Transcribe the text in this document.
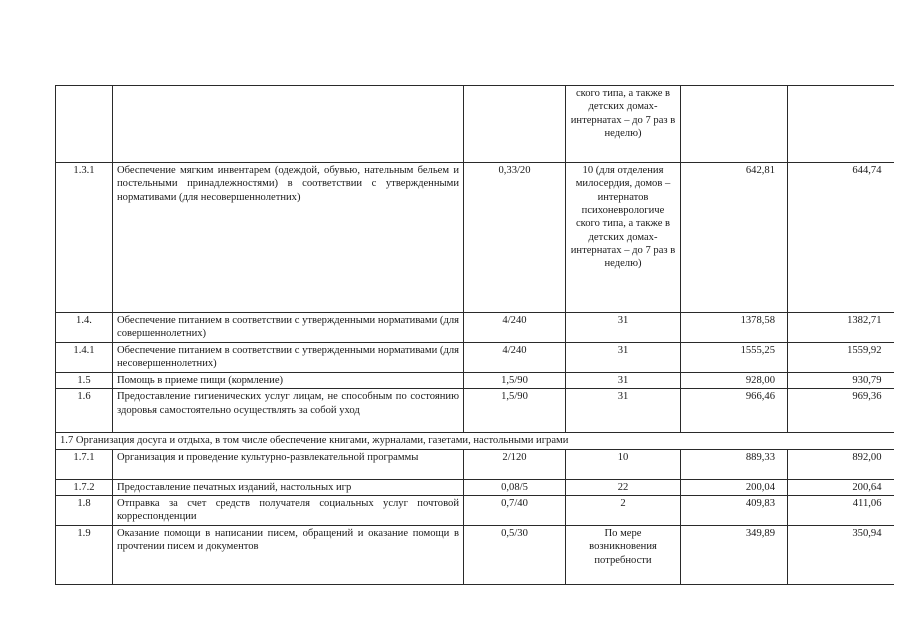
			ского типа, а также в детских домах-интернатах – до 7 раз в неделю)		
1.3.1	Обеспечение мягким инвентарем (одеждой, обувью, нательным бельем и постельными принадлежностями) в соответствии с утвержденными нормативами (для несовершеннолетних)	0,33/20	10 (для отделения милосердия, домов – интернатов психоневрологиче ского типа, а также в детских домах-интернатах – до 7 раз в неделю)	642,81	644,74
1.4.	Обеспечение питанием в соответствии с утвержденными нормативами (для совершеннолетних)	4/240	31	1378,58	1382,71
1.4.1	Обеспечение питанием в соответствии с утвержденными нормативами (для несовершеннолетних)	4/240	31	1555,25	1559,92
1.5	Помощь в приеме пищи (кормление)	1,5/90	31	928,00	930,79
1.6	Предоставление гигиенических услуг лицам, не способным по состоянию здоровья самостоятельно осуществлять за собой уход	1,5/90	31	966,46	969,36
1.7 Организация досуга и отдыха, в том числе обеспечение книгами, журналами, газетами, настольными играми					
1.7.1	Организация и проведение культурно-развлекательной программы	2/120	10	889,33	892,00
1.7.2	Предоставление печатных изданий, настольных игр	0,08/5	22	200,04	200,64
1.8	Отправка за счет средств получателя социальных услуг почтовой корреспонденции	0,7/40	2	409,83	411,06
1.9	Оказание помощи в написании писем, обращений и оказание помощи в прочтении писем и документов	0,5/30	По мере возникновения потребности	349,89	350,94
